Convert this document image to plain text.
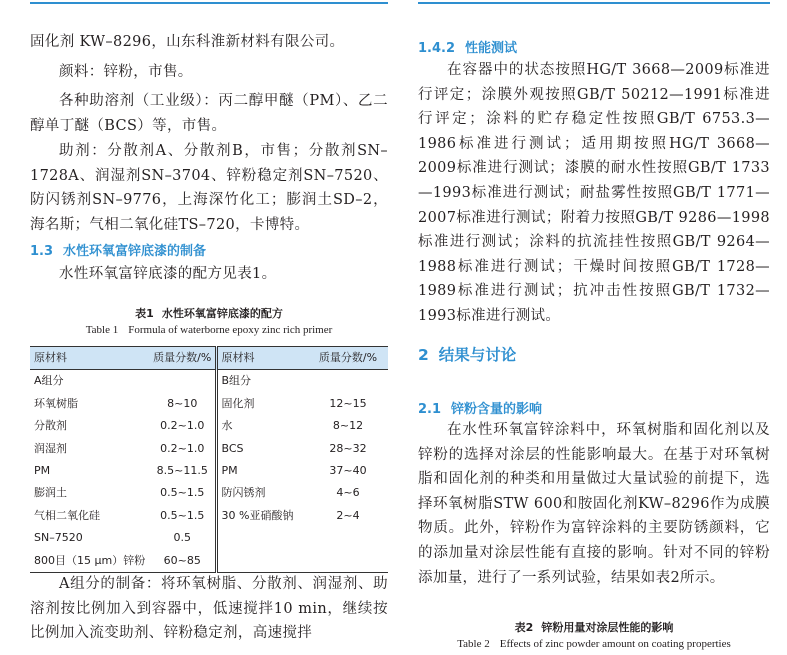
固化剂 KW–8296，山东科淮新材料有限公司。

颜料：锌粉，市售。

各种助溶剂（工业级）：丙二醇甲醚（PM）、乙二醇单丁醚（BCS）等，市售。

助剂：分散剂A、分散剂B，市售；分散剂SN–1728A、润湿剂SN–3704、锌粉稳定剂SN–7520、防闪锈剂SN–9776，上海深竹化工；膨润土SD–2，海名斯；气相二氧化硅TS–720，卡博特。

1.3 水性环氧富锌底漆的制备

水性环氧富锌底漆的配方见表1。

表1 水性环氧富锌底漆的配方
Table 1 Formula of waterborne epoxy zinc rich primer
原材料	质量分数/%	原材料	质量分数/%
A组分		B组分	
环氧树脂	8~10	固化剂	12~15
分散剂	0.2~1.0	水	8~12
润湿剂	0.2~1.0	BCS	28~32
PM	8.5~11.5	PM	37~40
膨润土	0.5~1.5	防闪锈剂	4~6
气相二氧化硅	0.5~1.5	30 %亚硝酸钠	2~4
SN–7520	0.5		
800目（15 μm）锌粉	60~85		

A组分的制备：将环氧树脂、分散剂、润湿剂、助溶剂按比例加入到容器中，低速搅拌10 min，继续按比例加入流变助剂、锌粉稳定剂，高速搅拌

1.4.2 性能测试

在容器中的状态按照HG/T 3668—2009标准进行评定；涂膜外观按照GB/T 50212—1991标准进行评定；涂料的贮存稳定性按照GB/T 6753.3—1986标准进行测试；适用期按照HG/T 3668—2009标准进行测试；漆膜的耐水性按照GB/T 1733—1993标准进行测试；耐盐雾性按照GB/T 1771—2007标准进行测试；附着力按照GB/T 9286—1998标准进行测试；涂料的抗流挂性按照GB/T 9264—1988标准进行测试；干燥时间按照GB/T 1728—1989标准进行测试；抗冲击性按照GB/T 1732—1993标准进行测试。

2 结果与讨论
2.1 锌粉含量的影响

在水性环氧富锌涂料中，环氧树脂和固化剂以及锌粉的选择对涂层的性能影响最大。在基于对环氧树脂和固化剂的种类和用量做过大量试验的前提下，选择环氧树脂STW 600和胺固化剂KW–8296作为成膜物质。此外，锌粉作为富锌涂料的主要防锈颜料，它的添加量对涂层性能有直接的影响。针对不同的锌粉添加量，进行了一系列试验，结果如表2所示。

表2 锌粉用量对涂层性能的影响
Table 2 Effects of zinc powder amount on coating properties
